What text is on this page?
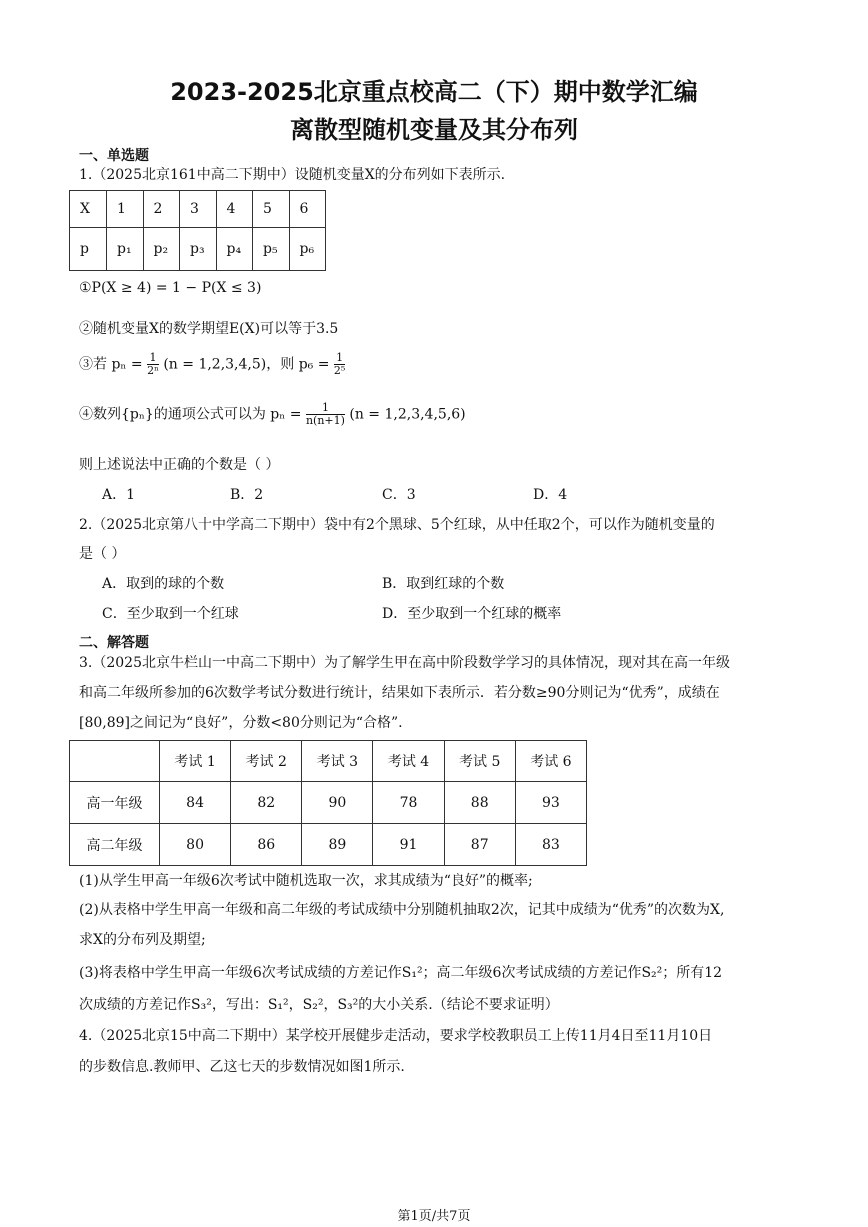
2023-2025北京重点校高二（下）期中数学汇编
离散型随机变量及其分布列
一、单选题
1.（2025北京161中高二下期中）设随机变量X的分布列如下表所示.
X	1	2	3	4	5	6
p	p₁	p₂	p₃	p₄	p₅	p₆
①P(X ≥ 4) = 1 − P(X ≤ 3)
②随机变量X的数学期望E(X)可以等于3.5
③若 $p_n = \frac{1}{\text{2ⁿ}} (n = 1,2,3,4,5)$，则 $p_6 = \frac{1}{\text{2⁵}}$
④数列{pₙ}的通项公式可以为 $p_n = \frac{1}{n(n+1)} (n = 1,2,3,4,5,6)$
则上述说法中正确的个数是（ ）
A．1	B．2	C．3	D．4
2.（2025北京第八十中学高二下期中）袋中有2个黑球、5个红球，从中任取2个，可以作为随机变量的
是（ ）
A．取到的球的个数	B．取到红球的个数
C．至少取到一个红球	D．至少取到一个红球的概率
二、解答题
3.（2025北京牛栏山一中高二下期中）为了解学生甲在高中阶段数学学习的具体情况，现对其在高一年级
和高二年级所参加的6次数学考试分数进行统计，结果如下表所示．若分数≥90分则记为“优秀”，成绩在
[80,89]之间记为“良好”，分数<80分则记为“合格”.
	考试 1	考试 2	考试 3	考试 4	考试 5	考试 6
高一年级	84	82	90	78	88	93
高二年级	80	86	89	91	87	83
(1)从学生甲高一年级6次考试中随机选取一次，求其成绩为“良好”的概率;
(2)从表格中学生甲高一年级和高二年级的考试成绩中分别随机抽取2次，记其中成绩为“优秀”的次数为X,
求X的分布列及期望;
(3)将表格中学生甲高一年级6次考试成绩的方差记作S₁²；高二年级6次考试成绩的方差记作S₂²；所有12
次成绩的方差记作S₃²，写出：S₁²，S₂²，S₃²的大小关系.（结论不要求证明）
4.（2025北京15中高二下期中）某学校开展健步走活动，要求学校教职员工上传11月4日至11月10日
的步数信息.教师甲、乙这七天的步数情况如图1所示.
第1页/共7页
